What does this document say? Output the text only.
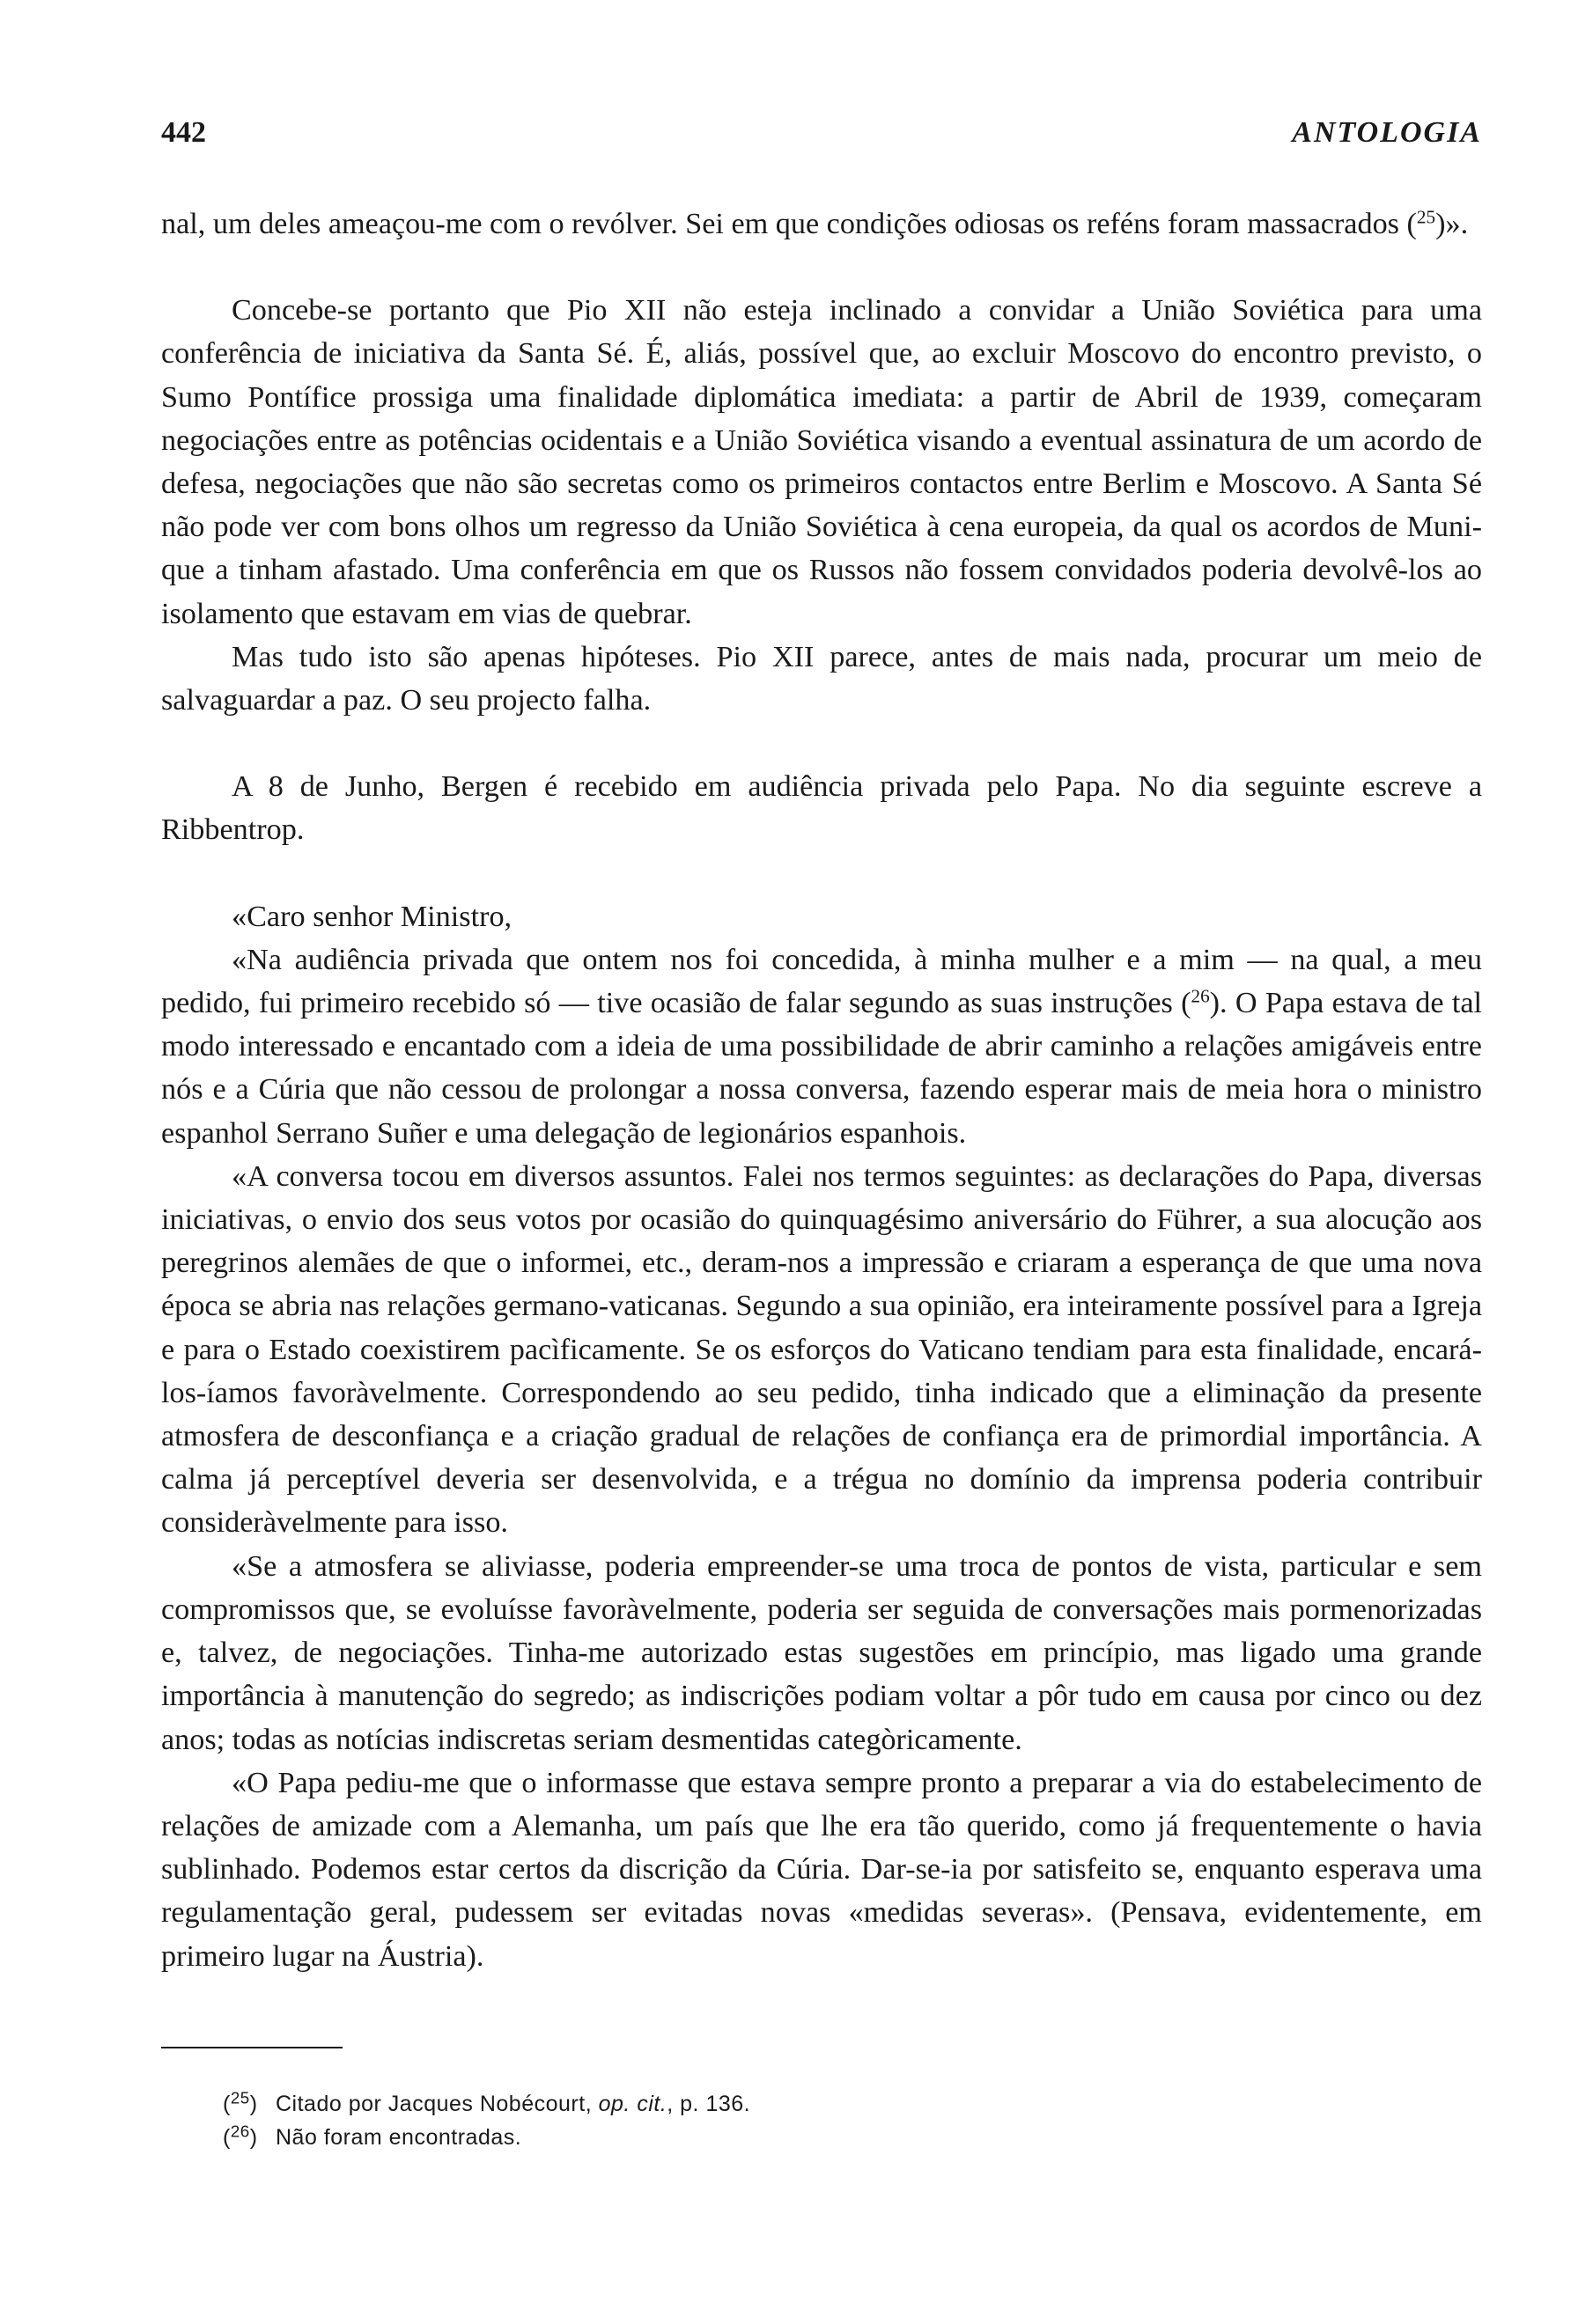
442	ANTOLOGIA

nal, um deles ameaçou-me com o revólver. Sei em que condições odiosas os reféns foram massacrados ($^{25}$)».

Concebe-se portanto que Pio XII não esteja inclinado a convidar a União Soviética para uma conferência de iniciativa da Santa Sé. É, aliás, possível que, ao excluir Moscovo do encontro previsto, o Sumo Pontífice prossiga uma finalidade diplomática imediata: a partir de Abril de 1939, começaram negociações entre as potências ocidentais e a União Soviética visando a eventual assinatura de um acordo de defesa, negociações que não são secretas como os primeiros contactos entre Berlim e Moscovo. A Santa Sé não pode ver com bons olhos um regresso da União Soviética à cena europeia, da qual os acordos de Munique a tinham afastado. Uma conferência em que os Russos não fossem convidados poderia devolvê-los ao isolamento que estavam em vias de quebrar.

Mas tudo isto são apenas hipóteses. Pio XII parece, antes de mais nada, procurar um meio de salvaguardar a paz. O seu projecto falha.

A 8 de Junho, Bergen é recebido em audiência privada pelo Papa. No dia seguinte escreve a Ribbentrop.

«Caro senhor Ministro,

«Na audiência privada que ontem nos foi concedida, à minha mulher e a mim — na qual, a meu pedido, fui primeiro recebido só — tive ocasião de falar segundo as suas instruções ($^{26}$). O Papa estava de tal modo interessado e encantado com a ideia de uma possibilidade de abrir caminho a relações amigáveis entre nós e a Cúria que não cessou de prolongar a nossa conversa, fazendo esperar mais de meia hora o ministro espanhol Serrano Suñer e uma delegação de legionários espanhois.

«A conversa tocou em diversos assuntos. Falei nos termos seguintes: as declarações do Papa, diversas iniciativas, o envio dos seus votos por ocasião do quinquagésimo aniversário do Führer, a sua alocução aos peregrinos alemães de que o informei, etc., deram-nos a impressão e criaram a esperança de que uma nova época se abria nas relações germano-vaticanas. Segundo a sua opinião, era inteiramente possível para a Igreja e para o Estado coexistirem pacìficamente. Se os esforços do Vaticano tendiam para esta finalidade, encará-los-íamos favoràvelmente. Correspondendo ao seu pedido, tinha indicado que a eliminação da presente atmosfera de desconfiança e a criação gradual de relações de confiança era de primordial importância. A calma já perceptível deveria ser desenvolvida, e a trégua no domínio da imprensa poderia contribuir consideràvelmente para isso.

«Se a atmosfera se aliviasse, poderia empreender-se uma troca de pontos de vista, particular e sem compromissos que, se evoluísse favoràvelmente, poderia ser seguida de conversações mais pormenorizadas e, talvez, de negociações. Tinha-me autorizado estas sugestões em princípio, mas ligado uma grande importância à manutenção do segredo; as indiscrições podiam voltar a pôr tudo em causa por cinco ou dez anos; todas as notícias indiscretas seriam desmentidas categòricamente.

«O Papa pediu-me que o informasse que estava sempre pronto a preparar a via do estabelecimento de relações de amizade com a Alemanha, um país que lhe era tão querido, como já frequentemente o havia sublinhado. Podemos estar certos da discrição da Cúria. Dar-se-ia por satisfeito se, enquanto esperava uma regulamentação geral, pudessem ser evitadas novas «medidas severas». (Pensava, evidentemente, em primeiro lugar na Áustria).

($^{25}$) Citado por Jacques Nobécourt, op. cit., p. 136.
($^{26}$) Não foram encontradas.
